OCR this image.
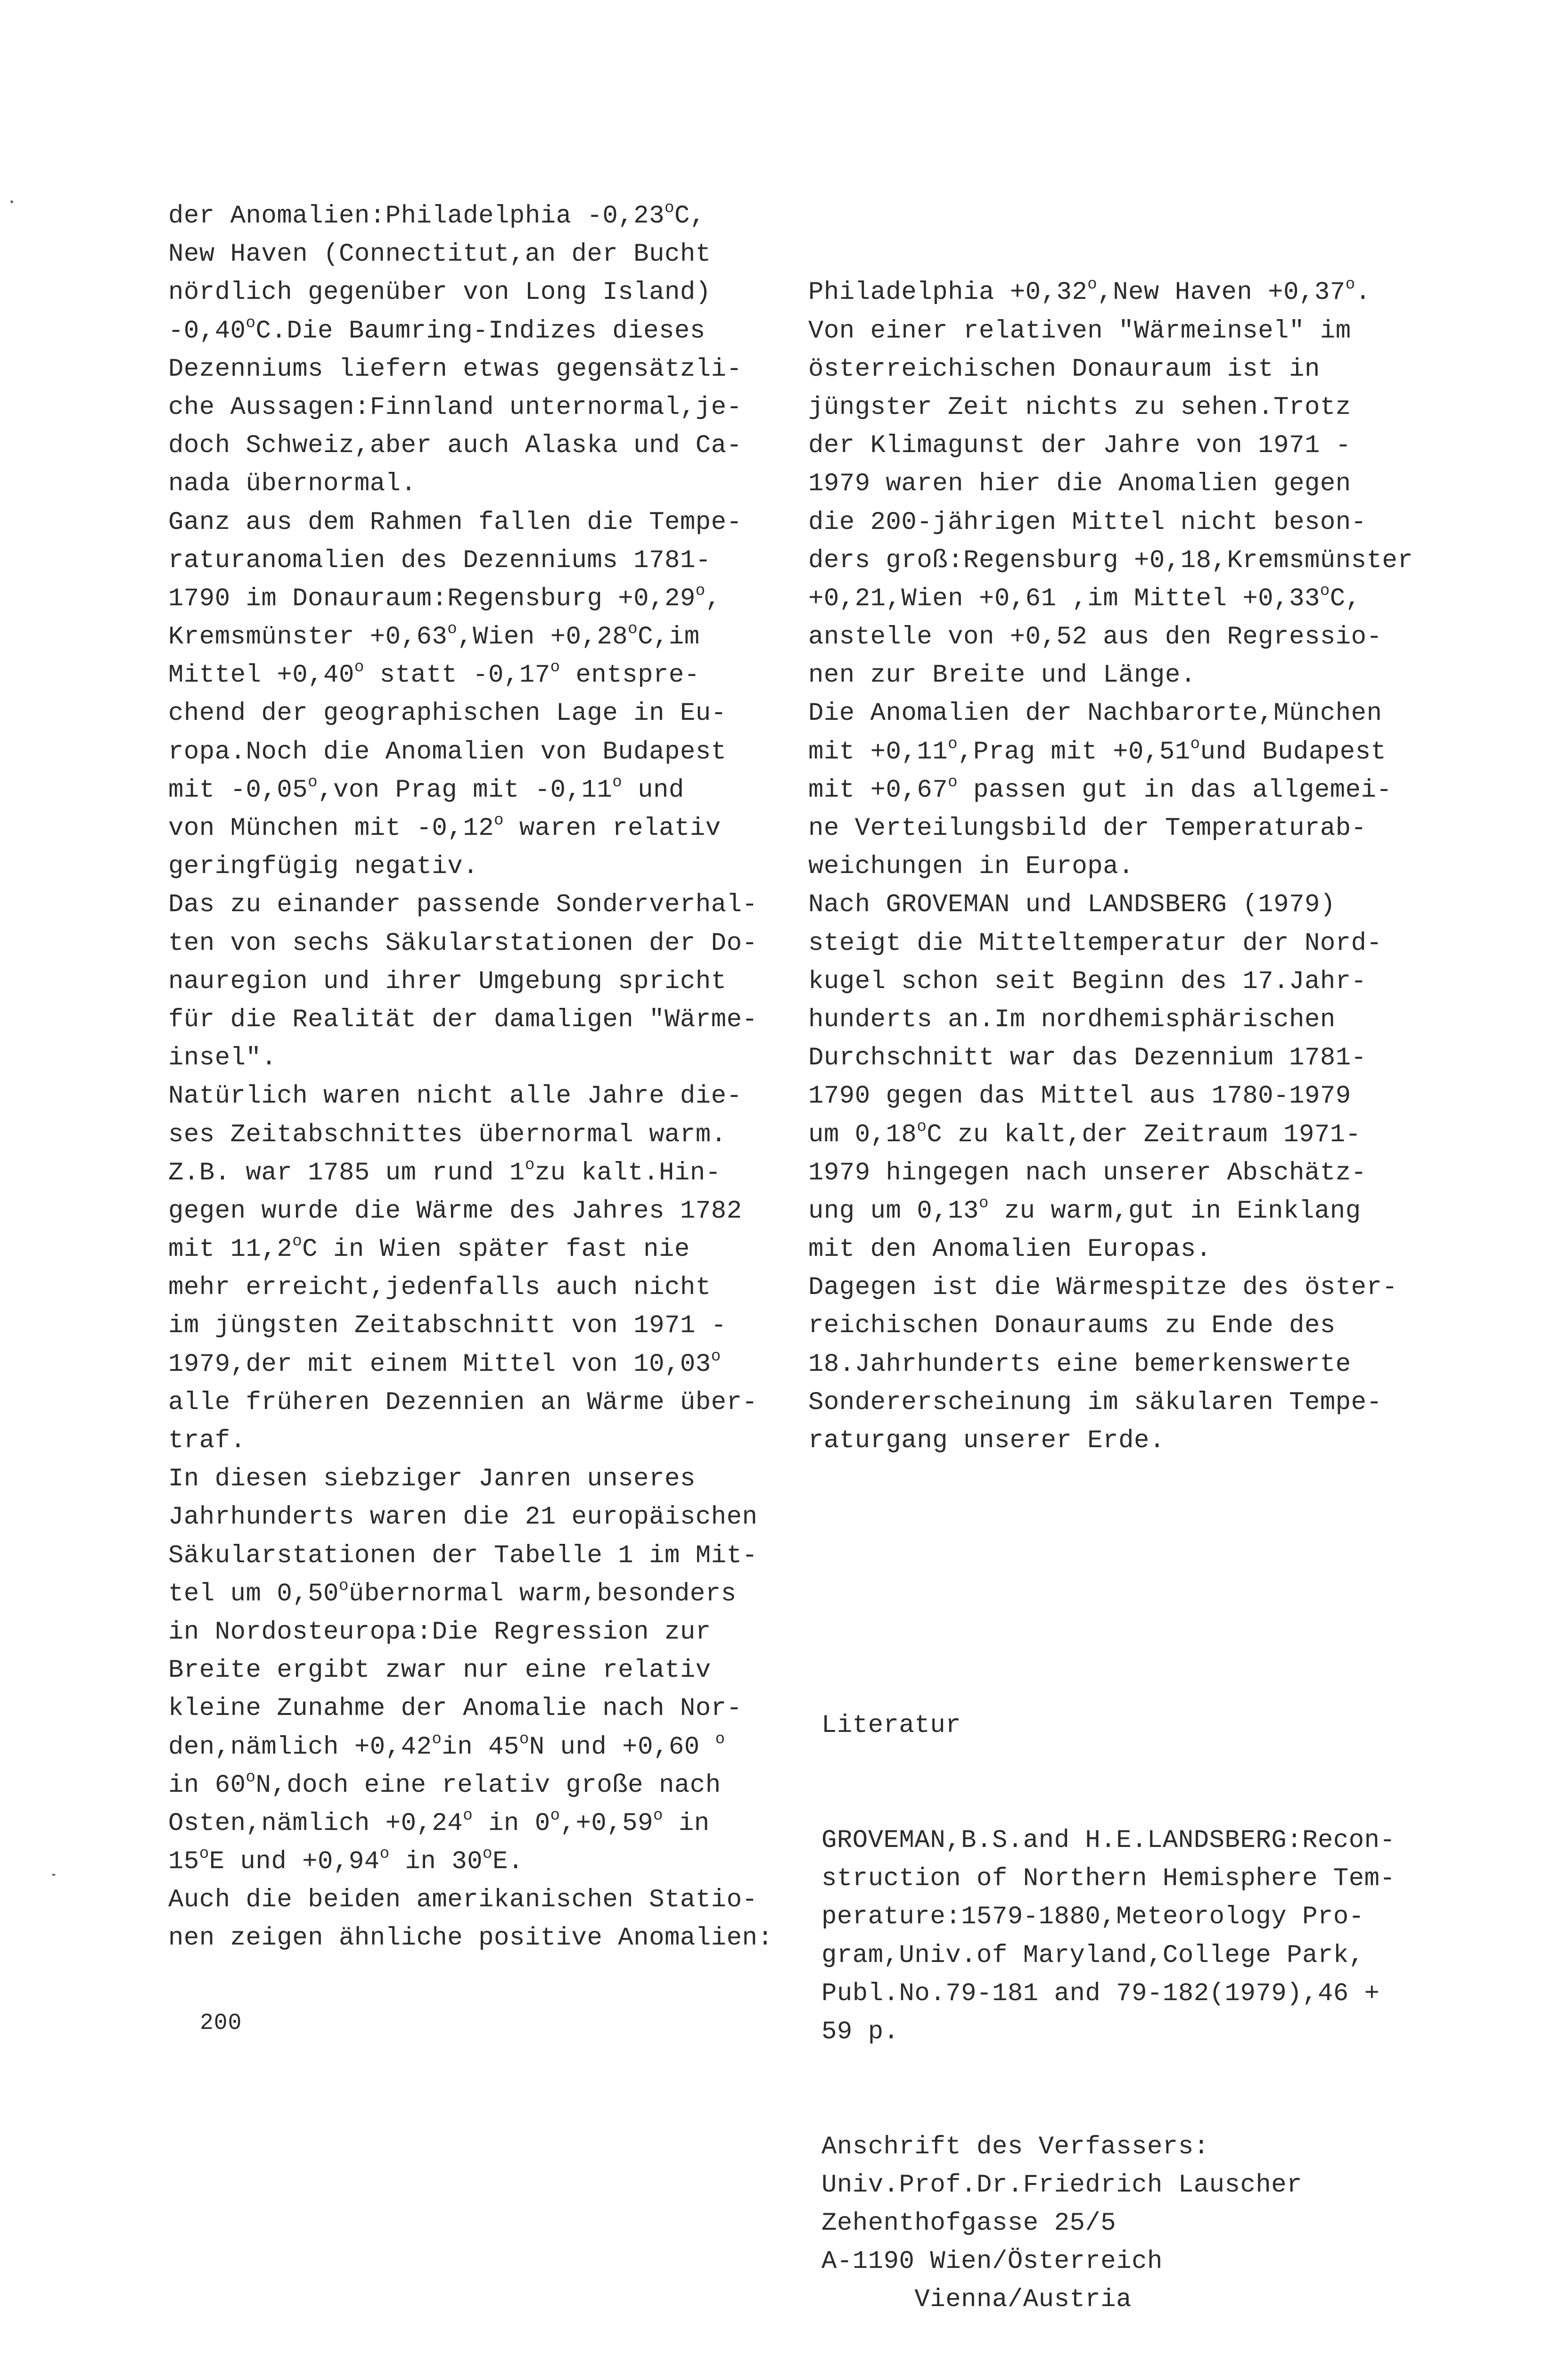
der Anomalien:Philadelphia -0,23$^o$C,
New Haven (Connectitut,an der Bucht
nördlich gegenüber von Long Island)
-0,40$^o$C.Die Baumring-Indizes dieses
Dezenniums liefern etwas gegensätzli-
che Aussagen:Finnland unternormal,je-
doch Schweiz,aber auch Alaska und Ca-
nada übernormal.
Ganz aus dem Rahmen fallen die Tempe-
raturanomalien des Dezenniums 1781-
1790 im Donauraum:Regensburg $+0,29^o$,
Kremsmünster $+0,63^o,Wien +0,28^oC,im$
Mittel $+0,40^o$ statt -0,17$^o$ entspre-
chend der geographischen Lage in Eu-
ropa.Noch die Anomalien von Budapest
mit -0,05$^o$,von Prag mit -0,11$^o$ und
von München mit -0,12$^o$ waren relativ
geringfügig negativ.
Das zu einander passende Sonderverhal-
ten von sechs Säkularstationen der Do-
nauregion und ihrer Umgebung spricht
für die Realität der damaligen "Wärme-
insel".
Natürlich waren nicht alle Jahre die-
ses Zeitabschnittes übernormal warm.
Z.B. war 1785 um rund 1$^o$zu kalt.Hin-
gegen wurde die Wärme des Jahres 1782
mit 11,2$^o$C in Wien später fast nie
mehr erreicht,jedenfalls auch nicht
im jüngsten Zeitabschnitt von 1971 -
1979,der mit einem Mittel von 10,03$^o$
alle früheren Dezennien an Wärme über-
traf.
In diesen siebziger Janren unseres
Jahrhunderts waren die 21 europäischen
Säkularstationen der Tabelle 1 im Mit-
tel um 0,50$^o$übernormal warm,besonders
in Nordosteuropa:Die Regression zur
Breite ergibt zwar nur eine relativ
kleine Zunahme der Anomalie nach Nor-
den,nämlich $+0,42^oin$ 45$^o$N und +0,60 $^o$
in 60$^o$N,doch eine relativ große nach
Osten,nämlich $+0,24^o$ in $0^o,+0,59^o$ in
15$^o$E und $+0,94^o$ in 30$^o$E.
Auch die beiden amerikanischen Statio-
nen zeigen ähnliche positive Anomalien:

Philadelphia $+0,32^o,New$ Haven $+0,37^o$.
Von einer relativen "Wärmeinsel" im
österreichischen Donauraum ist in
jüngster Zeit nichts zu sehen.Trotz
der Klimagunst der Jahre von 1971 -
1979 waren hier die Anomalien gegen
die 200-jährigen Mittel nicht beson-
ders groß:Regensburg +0,18,Kremsmünster
+0,21,Wien +0,61 ,im Mittel $+0,33^oC$,
anstelle von +0,52 aus den Regressio-
nen zur Breite und Länge.
Die Anomalien der Nachbarorte,München
mit $+0,11^o,Prag$ mit $+0,51^ound$ Budapest
mit $+0,67^o$ passen gut in das allgemei-
ne Verteilungsbild der Temperaturab-
weichungen in Europa.
Nach GROVEMAN und LANDSBERG (1979)
steigt die Mitteltemperatur der Nord-
kugel schon seit Beginn des 17.Jahr-
hunderts an.Im nordhemisphärischen
Durchschnitt war das Dezennium 1781-
1790 gegen das Mittel aus 1780-1979
um 0,18$^o$C zu kalt,der Zeitraum 1971-
1979 hingegen nach unserer Abschätz-
ung um 0,13$^o$ zu warm,gut in Einklang
mit den Anomalien Europas.
Dagegen ist die Wärmespitze des öster-
reichischen Donauraums zu Ende des
18.Jahrhunderts eine bemerkenswerte
Sondererscheinung im säkularen Tempe-
raturgang unserer Erde.

Literatur

GROVEMAN,B.S.and H.E.LANDSBERG:Recon-
struction of Northern Hemisphere Tem-
perature:1579-1880,Meteorology Pro-
gram,Univ.of Maryland,College Park,
Publ.No.79-181 and 79-182(1979),46 +
59 p.

Anschrift des Verfassers:
Univ.Prof.Dr.Friedrich Lauscher
Zehenthofgasse 25/5
A-1190 Wien/Österreich
Vienna/Austria

200
